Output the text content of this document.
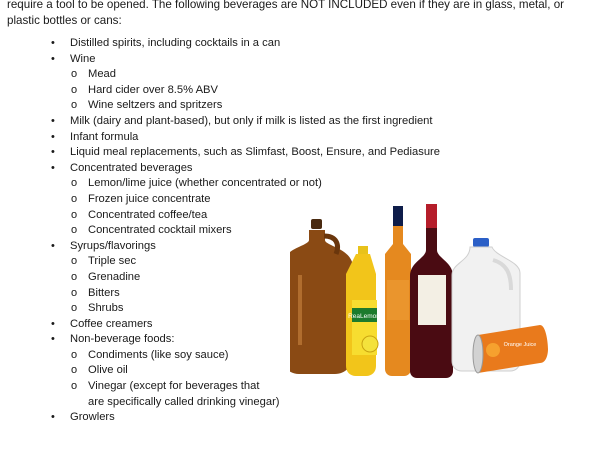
require a tool to be opened. The following beverages are NOT INCLUDED even if they are in glass, metal, or
plastic bottles or cans:
• Distilled spirits, including cocktails in a can
• Wine
o Mead
o Hard cider over 8.5% ABV
o Wine seltzers and spritzers
• Milk (dairy and plant-based), but only if milk is listed as the first ingredient
• Infant formula
• Liquid meal replacements, such as Slimfast, Boost, Ensure, and Pediasure
• Concentrated beverages
o Lemon/lime juice (whether concentrated or not)
o Frozen juice concentrate
o Concentrated coffee/tea
o Concentrated cocktail mixers
• Syrups/flavorings
o Triple sec
o Grenadine
o Bitters
o Shrubs
• Coffee creamers
• Non-beverage foods:
o Condiments (like soy sauce)
o Olive oil
o Vinegar (except for beverages that
are specifically called drinking vinegar)
• Growlers
ReaLemon
Orange Juice
